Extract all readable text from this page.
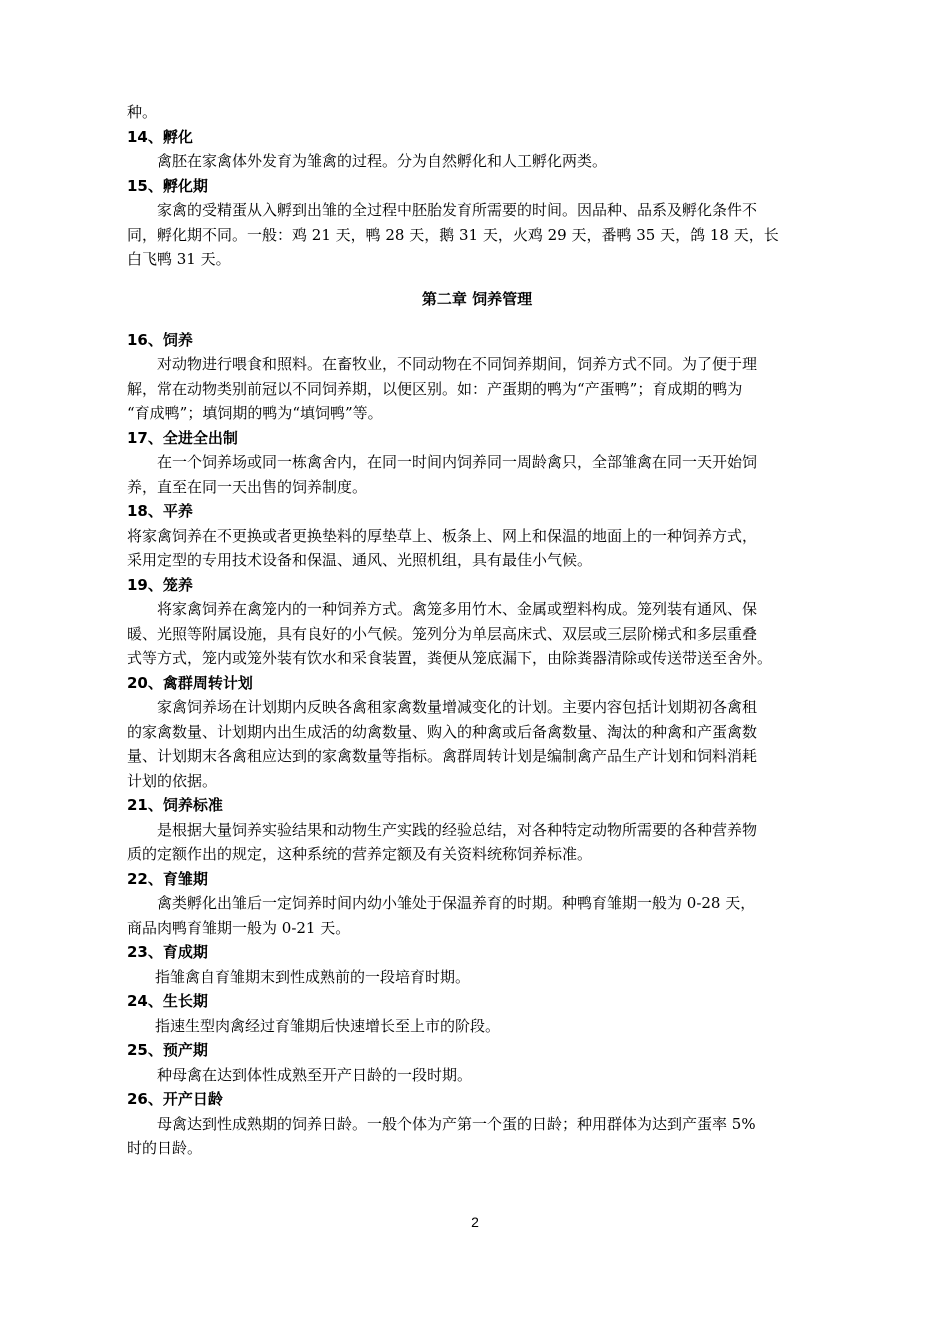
种。
14、孵化
禽胚在家禽体外发育为雏禽的过程。分为自然孵化和人工孵化两类。
15、孵化期
家禽的受精蛋从入孵到出雏的全过程中胚胎发育所需要的时间。因品种、品系及孵化条件不
同，孵化期不同。一般：鸡 21 天，鸭 28 天，鹅 31 天，火鸡 29 天，番鸭 35 天，鸽 18 天，长
白飞鸭 31 天。
第二章 饲养管理
16、饲养
对动物进行喂食和照料。在畜牧业，不同动物在不同饲养期间，饲养方式不同。为了便于理
解，常在动物类别前冠以不同饲养期，以便区别。如：产蛋期的鸭为“产蛋鸭”；育成期的鸭为
“育成鸭”；填饲期的鸭为“填饲鸭”等。
17、全进全出制
在一个饲养场或同一栋禽舍内，在同一时间内饲养同一周龄禽只，全部雏禽在同一天开始饲
养，直至在同一天出售的饲养制度。
18、平养
将家禽饲养在不更换或者更换垫料的厚垫草上、板条上、网上和保温的地面上的一种饲养方式，
采用定型的专用技术设备和保温、通风、光照机组，具有最佳小气候。
19、笼养
将家禽饲养在禽笼内的一种饲养方式。禽笼多用竹木、金属或塑料构成。笼列装有通风、保
暖、光照等附属设施，具有良好的小气候。笼列分为单层高床式、双层或三层阶梯式和多层重叠
式等方式，笼内或笼外装有饮水和采食装置，粪便从笼底漏下，由除粪器清除或传送带送至舍外。
20、禽群周转计划
家禽饲养场在计划期内反映各禽租家禽数量增减变化的计划。主要内容包括计划期初各禽租
的家禽数量、计划期内出生成活的幼禽数量、购入的种禽或后备禽数量、淘汰的种禽和产蛋禽数
量、计划期末各禽租应达到的家禽数量等指标。禽群周转计划是编制禽产品生产计划和饲料消耗
计划的依据。
21、饲养标准
是根据大量饲养实验结果和动物生产实践的经验总结，对各种特定动物所需要的各种营养物
质的定额作出的规定，这种系统的营养定额及有关资料统称饲养标准。
22、育雏期
禽类孵化出雏后一定饲养时间内幼小雏处于保温养育的时期。种鸭育雏期一般为 0-28 天，
商品肉鸭育雏期一般为 0-21 天。
23、育成期
指雏禽自育雏期末到性成熟前的一段培育时期。
24、生长期
指速生型肉禽经过育雏期后快速增长至上市的阶段。
25、预产期
种母禽在达到体性成熟至开产日龄的一段时期。
26、开产日龄
母禽达到性成熟期的饲养日龄。一般个体为产第一个蛋的日龄；种用群体为达到产蛋率 5%
时的日龄。
2
